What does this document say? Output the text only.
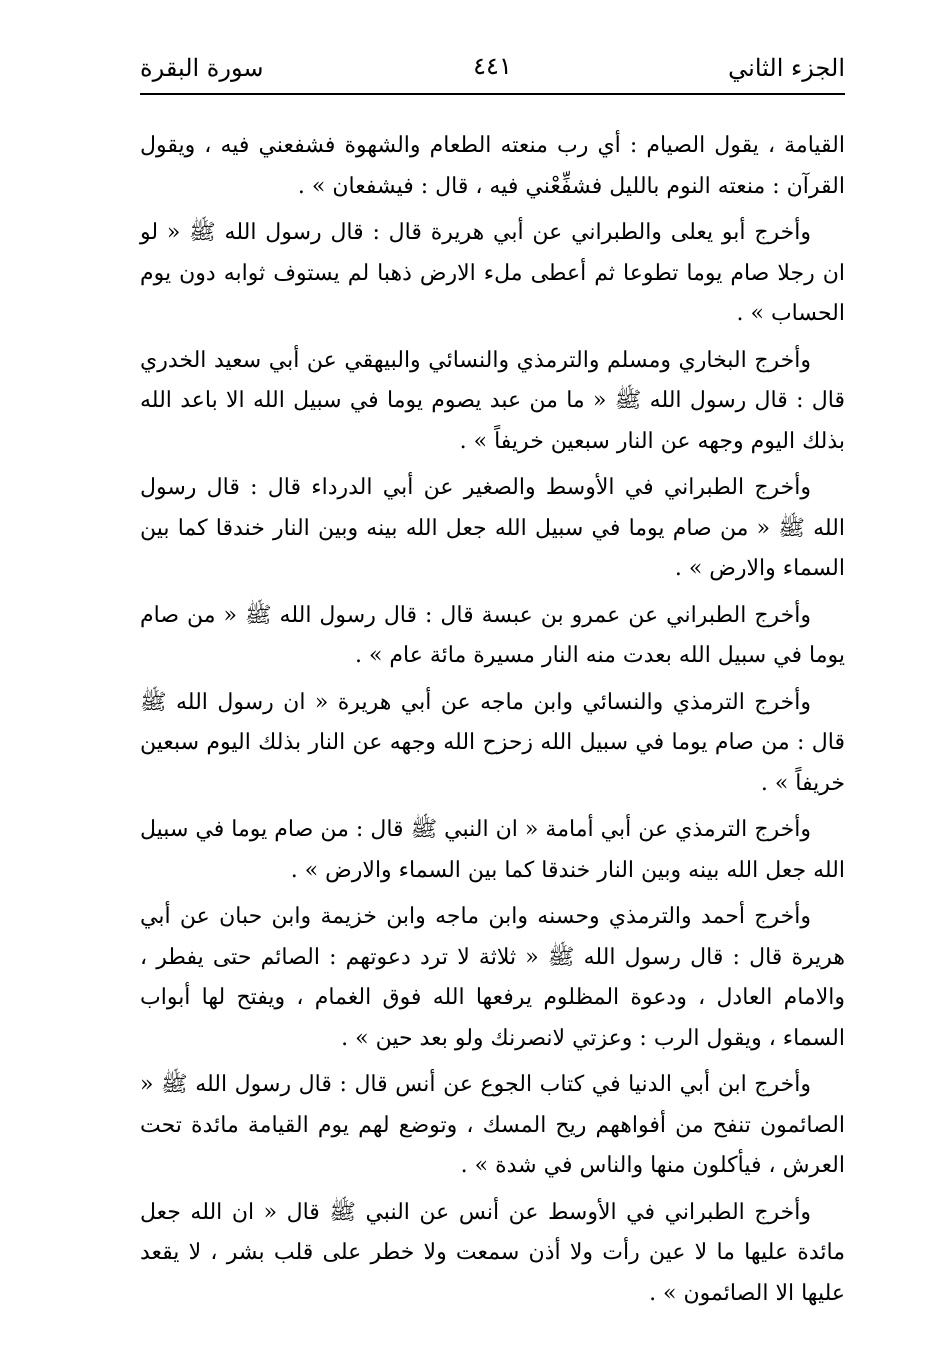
الجزء الثاني
٤٤١
سورة البقرة

القيامة ، يقول الصيام : أي رب منعته الطعام والشهوة فشفعني فيه ، ويقول القرآن : منعته النوم بالليل فشفِّعْني فيه ، قال : فيشفعان » .

وأخرج أبو يعلى والطبراني عن أبي هريرة قال : قال رسول الله ﷺ « لو ان رجلا صام يوما تطوعا ثم أعطى ملء الارض ذهبا لم يستوف ثوابه دون يوم الحساب » .

وأخرج البخاري ومسلم والترمذي والنسائي والبيهقي عن أبي سعيد الخدري قال : قال رسول الله ﷺ « ما من عبد يصوم يوما في سبيل الله الا باعد الله بذلك اليوم وجهه عن النار سبعين خريفاً » .

وأخرج الطبراني في الأوسط والصغير عن أبي الدرداء قال : قال رسول الله ﷺ « من صام يوما في سبيل الله جعل الله بينه وبين النار خندقا كما بين السماء والارض » .

وأخرج الطبراني عن عمرو بن عبسة قال : قال رسول الله ﷺ « من صام يوما في سبيل الله بعدت منه النار مسيرة مائة عام » .

وأخرج الترمذي والنسائي وابن ماجه عن أبي هريرة « ان رسول الله ﷺ قال : من صام يوما في سبيل الله زحزح الله وجهه عن النار بذلك اليوم سبعين خريفاً » .

وأخرج الترمذي عن أبي أمامة « ان النبي ﷺ قال : من صام يوما في سبيل الله جعل الله بينه وبين النار خندقا كما بين السماء والارض » .

وأخرج أحمد والترمذي وحسنه وابن ماجه وابن خزيمة وابن حبان عن أبي هريرة قال : قال رسول الله ﷺ « ثلاثة لا ترد دعوتهم : الصائم حتى يفطر ، والامام العادل ، ودعوة المظلوم يرفعها الله فوق الغمام ، ويفتح لها أبواب السماء ، ويقول الرب : وعزتي لانصرنك ولو بعد حين » .

وأخرج ابن أبي الدنيا في كتاب الجوع عن أنس قال : قال رسول الله ﷺ « الصائمون تنفح من أفواههم ريح المسك ، وتوضع لهم يوم القيامة مائدة تحت العرش ، فيأكلون منها والناس في شدة » .

وأخرج الطبراني في الأوسط عن أنس عن النبي ﷺ قال « ان الله جعل مائدة عليها ما لا عين رأت ولا أذن سمعت ولا خطر على قلب بشر ، لا يقعد عليها الا الصائمون » .
